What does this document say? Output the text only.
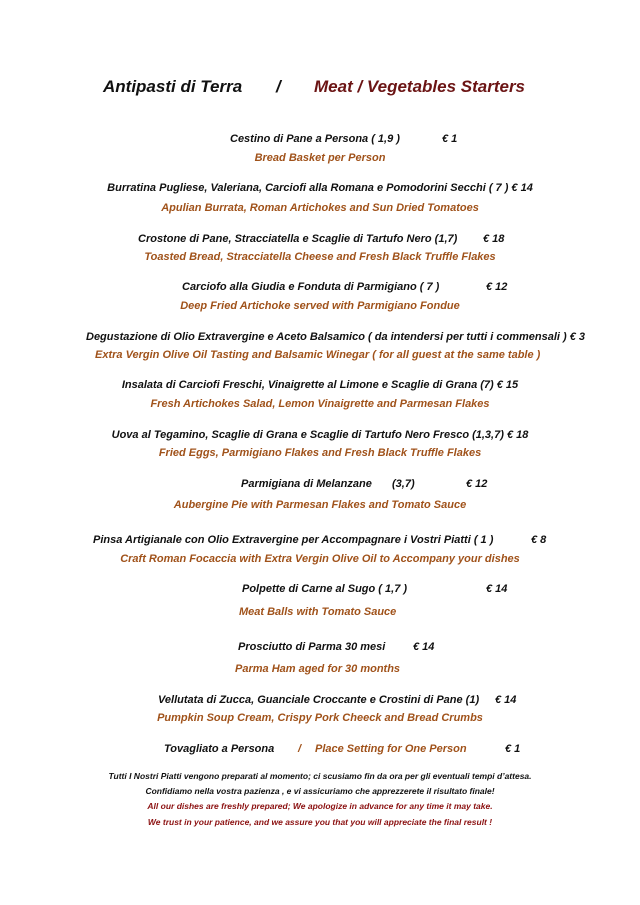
Antipasti di Terra / Meat / Vegetables Starters
Cestino di Pane a Persona ( 1,9 )	€ 1
Bread Basket per Person
Burratina Pugliese, Valeriana, Carciofi alla Romana e Pomodorini Secchi ( 7 ) € 14
Apulian Burrata, Roman Artichokes and Sun Dried Tomatoes
Crostone di Pane, Stracciatella e Scaglie di Tartufo Nero (1,7) € 18
Toasted Bread, Stracciatella Cheese and Fresh Black Truffle Flakes
Carciofo alla Giudia e Fonduta di Parmigiano ( 7 )	€ 12
Deep Fried Artichoke served with Parmigiano Fondue
Degustazione di Olio Extravergine e Aceto Balsamico ( da intendersi per tutti i commensali ) € 3
Extra Vergin Olive Oil Tasting and Balsamic Winegar ( for all guest at the same table )
Insalata di Carciofi Freschi, Vinaigrette al Limone e Scaglie di Grana (7) € 15
Fresh Artichokes Salad, Lemon Vinaigrette and Parmesan Flakes
Uova al Tegamino, Scaglie di Grana e Scaglie di Tartufo Nero Fresco (1,3,7) € 18
Fried Eggs, Parmigiano Flakes and Fresh Black Truffle Flakes
Parmigiana di Melanzane (3,7)	€ 12
Aubergine Pie with Parmesan Flakes and Tomato Sauce
Pinsa Artigianale con Olio Extravergine per Accompagnare i Vostri Piatti ( 1 )	€ 8
Craft Roman Focaccia with Extra Vergin Olive Oil to Accompany your dishes
Polpette di Carne al Sugo ( 1,7 )	€ 14
Meat Balls with Tomato Sauce
Prosciutto di Parma 30 mesi	€ 14
Parma Ham aged for 30 months
Vellutata di Zucca, Guanciale Croccante e Crostini di Pane (1) € 14
Pumpkin Soup Cream, Crispy Pork Cheeck and Bread Crumbs
Tovagliato a Persona / Place Setting for One Person	€ 1
Tutti I Nostri Piatti vengono preparati al momento; ci scusiamo fin da ora per gli eventuali tempi d’attesa.
Confidiamo nella vostra pazienza , e vi assicuriamo che apprezzerete il risultato finale!
All our dishes are freshly prepared; We apologize in advance for any time it may take.
We trust in your patience, and we assure you that you will appreciate the final result !
